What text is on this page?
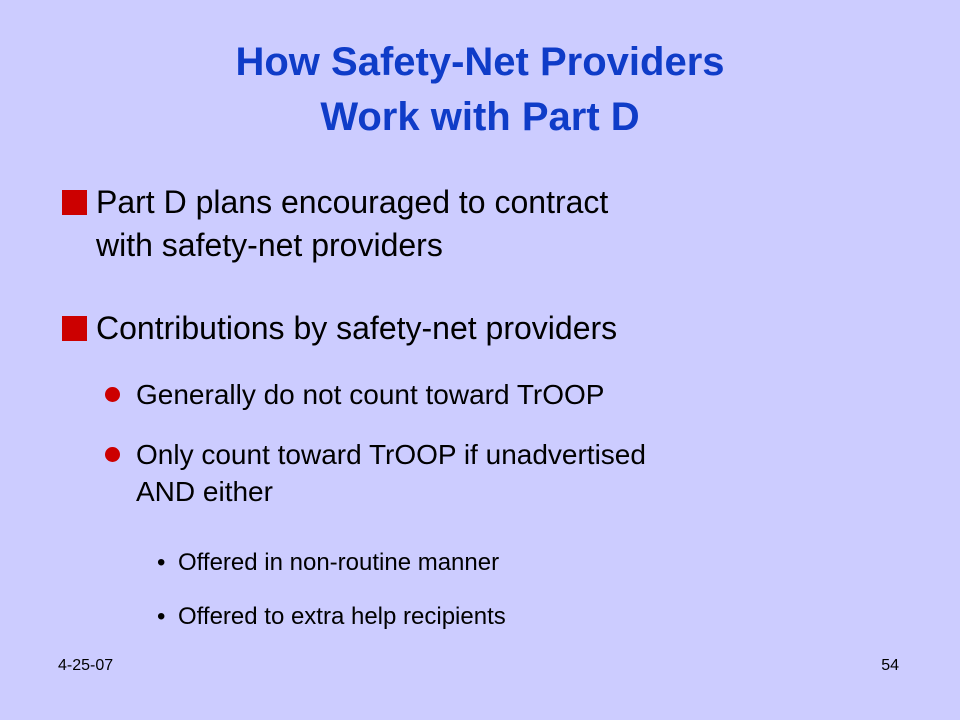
How Safety-Net Providers
Work with Part D
Part D plans encouraged to contract
with safety-net providers
Contributions by safety-net providers
Generally do not count toward TrOOP
Only count toward TrOOP if unadvertised
AND either
• Offered in non-routine manner
• Offered to extra help recipients
4-25-07	54
